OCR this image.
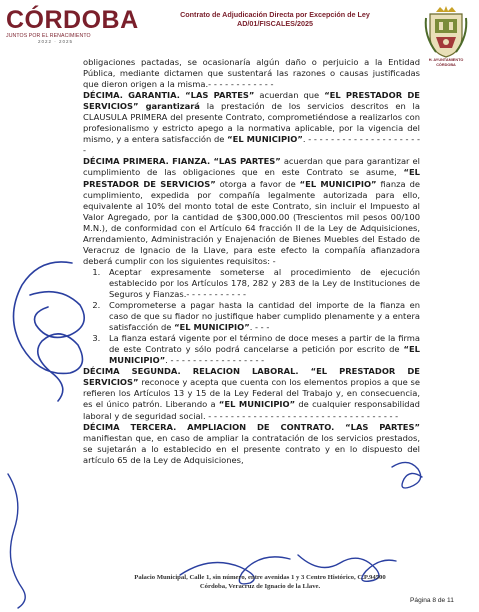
CÓRDOBA
JUNTOS POR EL RENACIMIENTO
2022 · 2025
Contrato de Adjudicación Directa por Excepción de Ley
AD/01/FISCALES/2025
H. AYUNTAMIENTO
CÓRDOBA

obligaciones pactadas, se ocasionaría algún daño o perjuicio a la Entidad Pública, mediante dictamen que sustentará las razones o causas justificadas que dieron origen a la misma.- - - - - - - - - - - -

DÉCIMA. GARANTIA. “LAS PARTES” acuerdan que “EL PRESTADOR DE SERVICIOS” garantizará la prestación de los servicios descritos en la CLAUSULA PRIMERA del presente Contrato, comprometiéndose a realizarlos con profesionalismo y estricto apego a la normativa aplicable, por la vigencia del mismo, y a entera satisfacción de “EL MUNICIPIO”. - - - - - - - - - - - - - - - - - - - - -

DÉCIMA PRIMERA. FIANZA. “LAS PARTES” acuerdan que para garantizar el cumplimiento de las obligaciones que en este Contrato se asume, “EL PRESTADOR DE SERVICIOS” otorga a favor de “EL MUNICIPIO” fianza de cumplimiento, expedida por compañía legalmente autorizada para ello, equivalente al 10% del monto total de este Contrato, sin incluir el Impuesto al Valor Agregado, por la cantidad de $300,000.00 (Trescientos mil pesos 00/100 M.N.), de conformidad con el Artículo 64 fracción II de la Ley de Adquisiciones, Arrendamiento, Administración y Enajenación de Bienes Muebles del Estado de Veracruz de Ignacio de la Llave, para este efecto la compañía afianzadora deberá cumplir con los siguientes requisitos: -

1. Aceptar expresamente someterse al procedimiento de ejecución establecido por los Artículos 178, 282 y 283 de la Ley de Instituciones de Seguros y Fianzas.- - - - - - - - - - -
2. Comprometerse a pagar hasta la cantidad del importe de la fianza en caso de que su fiador no justifique haber cumplido plenamente y a entera satisfacción de “EL MUNICIPIO”. - - -
3. La fianza estará vigente por el término de doce meses a partir de la firma de este Contrato y sólo podrá cancelarse a petición por escrito de “EL MUNICIPIO”. - - - - - - - - - - - - - - - - -

DÉCIMA SEGUNDA. RELACION LABORAL. “EL PRESTADOR DE SERVICIOS” reconoce y acepta que cuenta con los elementos propios a que se refieren los Artículos 13 y 15 de la Ley Federal del Trabajo y, en consecuencia, es el único patrón. Liberando a “EL MUNICIPIO” de cualquier responsabilidad laboral y de seguridad social. - - - - - - - - - - - - - - - - - - - - - - - - - - - - - - - - - -

DÉCIMA TERCERA. AMPLIACION DE CONTRATO. “LAS PARTES” manifiestan que, en caso de ampliar la contratación de los servicios prestados, se sujetarán a lo establecido en el presente contrato y en lo dispuesto del artículo 65 de la Ley de Adquisiciones,

Palacio Municipal, Calle 1, sin número, entre avenidas 1 y 3 Centro Histórico, C.P.94500
Córdoba, Veracruz de Ignacio de la Llave.
Página 8 de 11
